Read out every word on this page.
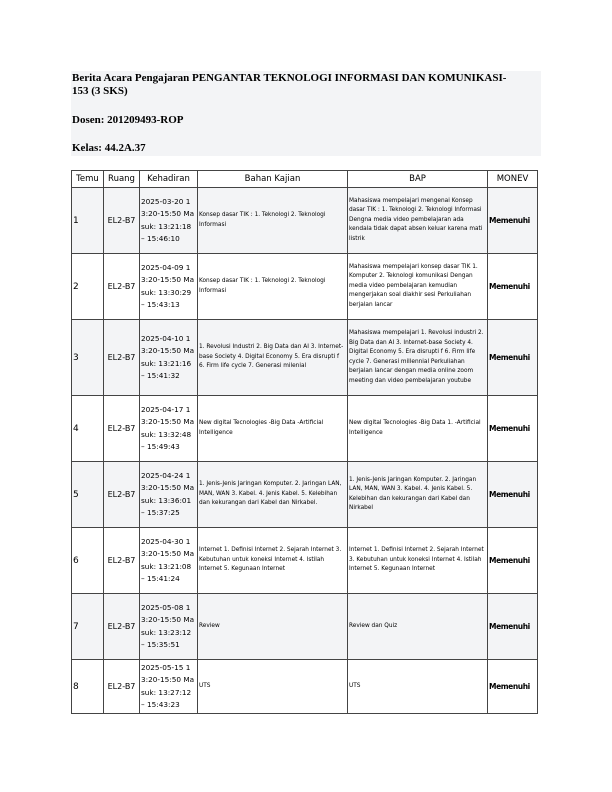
Berita Acara Pengajaran PENGANTAR TEKNOLOGI INFORMASI DAN KOMUNIKASI-153 (3 SKS)

Dosen: 201209493-ROP

Kelas: 44.2A.37

Temu	Ruang	Kehadiran	Bahan Kajian	BAP	MONEV
1	EL2-B7	2025-03-20 13:20-15:50 Masuk: 13:21:18 – 15:46:10	Konsep dasar TIK : 1. Teknologi 2. Teknologi Informasi	Mahasiswa mempelajari mengenai Konsep dasar TIK : 1. Teknologi 2. Teknologi Informasi Dengna media video pembelajaran ada kendala tidak dapat absen keluar karena mati listrik	Memenuhi
2	EL2-B7	2025-04-09 13:20-15:50 Masuk: 13:30:29 – 15:43:13	Konsep dasar TIK : 1. Teknologi 2. Teknologi Informasi	Mahasiswa mempelajari konsep dasar TIK 1. Komputer 2. Teknologi komunikasi Dengan media video pembelajaran kemudian mengerjakan soal diakhir sesi Perkuliahan berjalan lancar	Memenuhi
3	EL2-B7	2025-04-10 13:20-15:50 Masuk: 13:21:16 – 15:41:32	1. Revolusi Industri 2. Big Data dan AI 3. Internet-base Society 4. Digital Economy 5. Era disrupti f 6. Firm life cycle 7. Generasi milenial	Mahasiswa mempelajari 1. Revolusi industri 2. Big Data dan AI 3. Internet-base Society 4. Digital Economy 5. Era disrupti f 6. Firm life cycle 7. Generasi millennial Perkuliahan berjalan lancar dengan media online zoom meeting dan video pembelajaran youtube	Memenuhi
4	EL2-B7	2025-04-17 13:20-15:50 Masuk: 13:32:48 – 15:49:43	New digital Tecnologies -Big Data -Artificial Intelligence	New digital Tecnologies -Big Data 1. -Artificial Intelligence	Memenuhi
5	EL2-B7	2025-04-24 13:20-15:50 Masuk: 13:36:01 – 15:37:25	1. Jenis-Jenis Jaringan Komputer. 2. Jaringan LAN, MAN, WAN 3. Kabel. 4. Jenis Kabel. 5. Kelebihan dan kekurangan dari Kabel dan Nirkabel.	1. Jenis-Jenis Jaringan Komputer. 2. Jaringan LAN, MAN, WAN 3. Kabel. 4. Jenis Kabel. 5. Kelebihan dan kekurangan dari Kabel dan Nirkabel	Memenuhi
6	EL2-B7	2025-04-30 13:20-15:50 Masuk: 13:21:08 – 15:41:24	Internet 1. Definisi Internet 2. Sejarah Internet 3. Kebutuhan untuk koneksi Internet 4. Istilah Internet 5. Kegunaan Internet	Internet 1. Definisi Internet 2. Sejarah Internet 3. Kebutuhan untuk koneksi Internet 4. Istilah Internet 5. Kegunaan Internet	Memenuhi
7	EL2-B7	2025-05-08 13:20-15:50 Masuk: 13:23:12 – 15:35:51	Review	Review dan Quiz	Memenuhi
8	EL2-B7	2025-05-15 13:20-15:50 Masuk: 13:27:12 – 15:43:23	UTS	UTS	Memenuhi
